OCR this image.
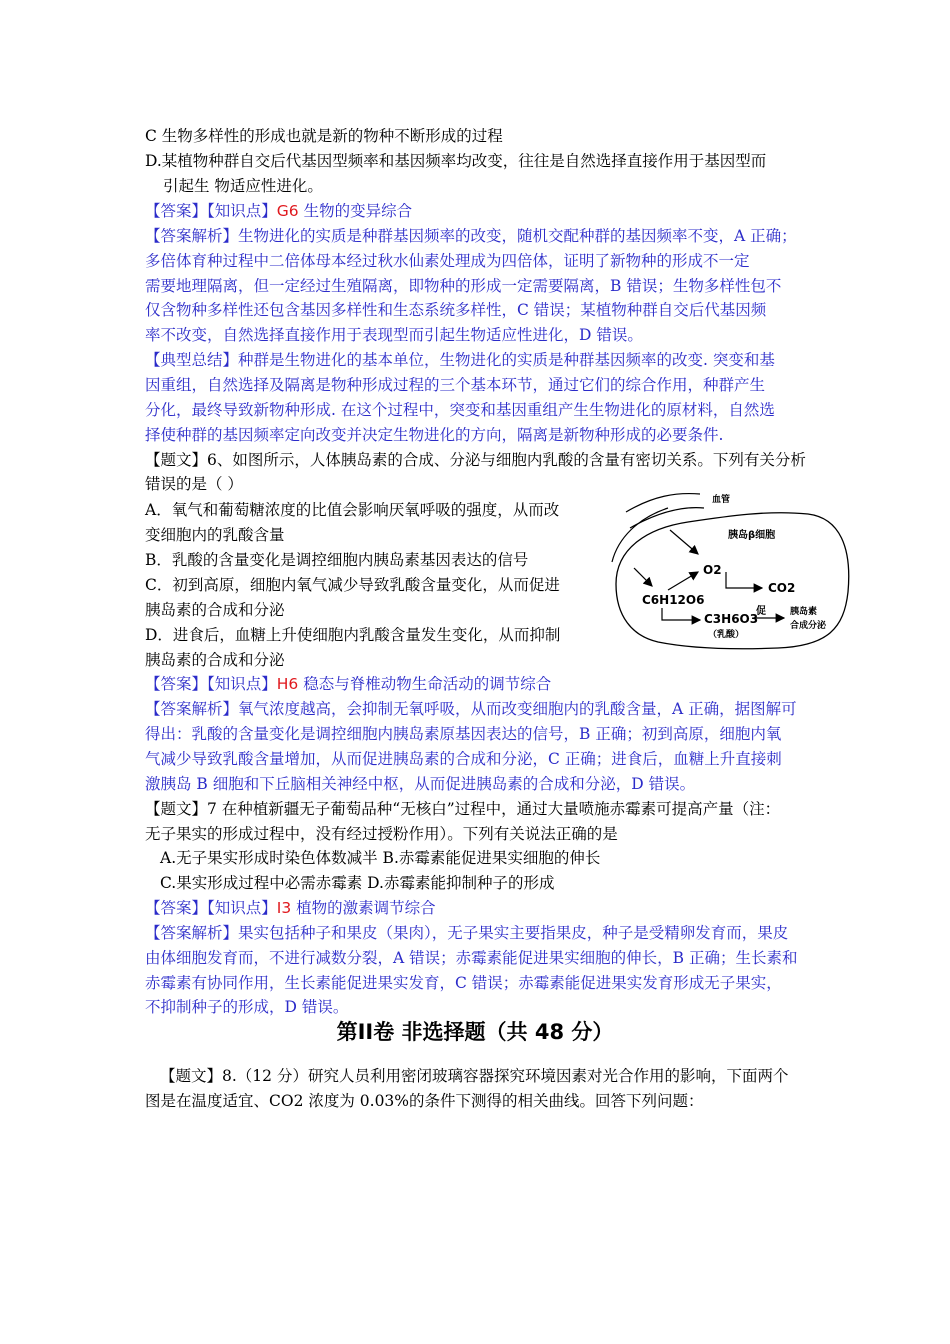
C 生物多样性的形成也就是新的物种不断形成的过程
D.某植物种群自交后代基因型频率和基因频率均改变，往往是自然选择直接作用于基因型而
引起生 物适应性进化。
【答案】【知识点】G6 生物的变异综合
【答案解析】生物进化的实质是种群基因频率的改变，随机交配种群的基因频率不变，A 正确；
多倍体育种过程中二倍体母本经过秋水仙素处理成为四倍体，证明了新物种的形成不一定
需要地理隔离，但一定经过生殖隔离，即物种的形成一定需要隔离，B 错误；生物多样性包不
仅含物种多样性还包含基因多样性和生态系统多样性，C 错误；某植物种群自交后代基因频
率不改变，自然选择直接作用于表现型而引起生物适应性进化，D 错误。
【典型总结】种群是生物进化的基本单位，生物进化的实质是种群基因频率的改变. 突变和基
因重组，自然选择及隔离是物种形成过程的三个基本环节，通过它们的综合作用，种群产生
分化，最终导致新物种形成. 在这个过程中，突变和基因重组产生生物进化的原材料，自然选
择使种群的基因频率定向改变并决定生物进化的方向，隔离是新物种形成的必要条件.
【题文】6、如图所示，人体胰岛素的合成、分泌与细胞内乳酸的含量有密切关系。下列有关分析
错误的是（ ）
A．氧气和葡萄糖浓度的比值会影响厌氧呼吸的强度，从而改
变细胞内的乳酸含量
B．乳酸的含量变化是调控细胞内胰岛素基因表达的信号
C．初到高原，细胞内氧气减少导致乳酸含量变化，从而促进
胰岛素的合成和分泌
D．进食后，血糖上升使细胞内乳酸含量发生变化，从而抑制
胰岛素的合成和分泌
【答案】【知识点】H6 稳态与脊椎动物生命活动的调节综合
【答案解析】氧气浓度越高，会抑制无氧呼吸，从而改变细胞内的乳酸含量，A 正确，据图解可
得出：乳酸的含量变化是调控细胞内胰岛素原基因表达的信号，B 正确；初到高原，细胞内氧
气减少导致乳酸含量增加，从而促进胰岛素的合成和分泌，C 正确；进食后，血糖上升直接刺
激胰岛 B 细胞和下丘脑相关神经中枢，从而促进胰岛素的合成和分泌，D 错误。
【题文】7 在种植新疆无子葡萄品种“无核白”过程中，通过大量喷施赤霉素可提高产量（注：
无子果实的形成过程中，没有经过授粉作用）。下列有关说法正确的是
A.无子果实形成时染色体数减半 B.赤霉素能促进果实细胞的伸长
C.果实形成过程中必需赤霉素 D.赤霉素能抑制种子的形成
【答案】【知识点】I3 植物的激素调节综合
【答案解析】果实包括种子和果皮（果肉），无子果实主要指果皮，种子是受精卵发育而，果皮
由体细胞发育而，不进行减数分裂，A 错误；赤霉素能促进果实细胞的伸长，B 正确；生长素和
赤霉素有协同作用，生长素能促进果实发育，C 错误；赤霉素能促进果实发育形成无子果实，
不抑制种子的形成，D 错误。
第II卷 非选择题（共 48 分）
【题文】8.（12 分）研究人员利用密闭玻璃容器探究环境因素对光合作用的影响，下面两个
图是在温度适宜、CO2 浓度为 0.03%的条件下测得的相关曲线。回答下列问题：
血管
胰岛β细胞
O2
CO2
C6H12O6
C3H6O3
（乳酸）
促	胰岛素
合成分泌
